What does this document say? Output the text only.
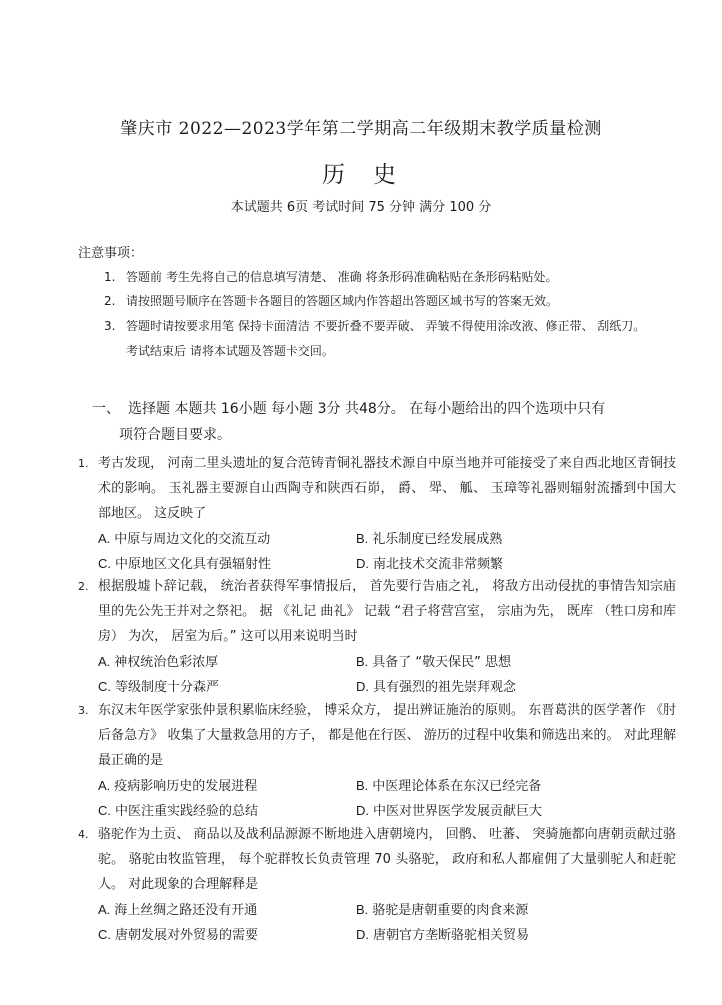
肇庆市 2022—2023学年第二学期高二年级期末教学质量检测
历史
本试题共 6页 考试时间 75 分钟 满分 100 分
注意事项：
1. 答题前 考生先将自己的信息填写清楚、 准确 将条形码准确粘贴在条形码粘贴处。
2. 请按照题号顺序在答题卡各题目的答题区域内作答超出答题区域书写的答案无效。
3. 答题时请按要求用笔 保持卡面清洁 不要折叠不要弄破、 弄皱不得使用涂改液、修正带、 刮纸刀。 考试结束后 请将本试题及答题卡交回。
一、 选择题 本题共 16小题 每小题 3分 共48分。 在每小题给出的四个选项中只有
项符合题目要求。
1. 考古发现， 河南二里头遗址的复合范铸青铜礼器技术源自中原当地并可能接受了来自西北地区青铜技术的影响。 玉礼器主要源自山西陶寺和陕西石峁， 爵、 斝、 觚、 玉璋等礼器则辐射流播到中国大部地区。 这反映了
A. 中原与周边文化的交流互动	B. 礼乐制度已经发展成熟
C. 中原地区文化具有强辐射性	D. 南北技术交流非常频繁
2. 根据殷墟卜辞记载， 统治者获得军事情报后， 首先要行告庙之礼， 将敌方出动侵扰的事情告知宗庙里的先公先王并对之祭祀。 据 《礼记 曲礼》 记载 “君子将营宫室， 宗庙为先， 既库 （牲口房和库房） 为次， 居室为后。” 这可以用来说明当时
A. 神权统治色彩浓厚	B. 具备了 “敬天保民” 思想
C. 等级制度十分森严	D. 具有强烈的祖先崇拜观念
3. 东汉末年医学家张仲景积累临床经验， 博采众方， 提出辨证施治的原则。 东晋葛洪的医学著作 《肘后备急方》 收集了大量救急用的方子， 都是他在行医、 游历的过程中收集和筛选出来的。 对此理解最正确的是
A. 疫病影响历史的发展进程	B. 中医理论体系在东汉已经完备
C. 中医注重实践经验的总结	D. 中医对世界医学发展贡献巨大
4. 骆驼作为土贡、 商品以及战利品源源不断地进入唐朝境内， 回鹘、 吐蕃、 突骑施都向唐朝贡献过骆驼。 骆驼由牧监管理， 每个驼群牧长负责管理 70 头骆驼， 政府和私人都雇佣了大量驯驼人和赶驼人。 对此现象的合理解释是
A. 海上丝绸之路还没有开通	B. 骆驼是唐朝重要的肉食来源
C. 唐朝发展对外贸易的需要	D. 唐朝官方垄断骆驼相关贸易
